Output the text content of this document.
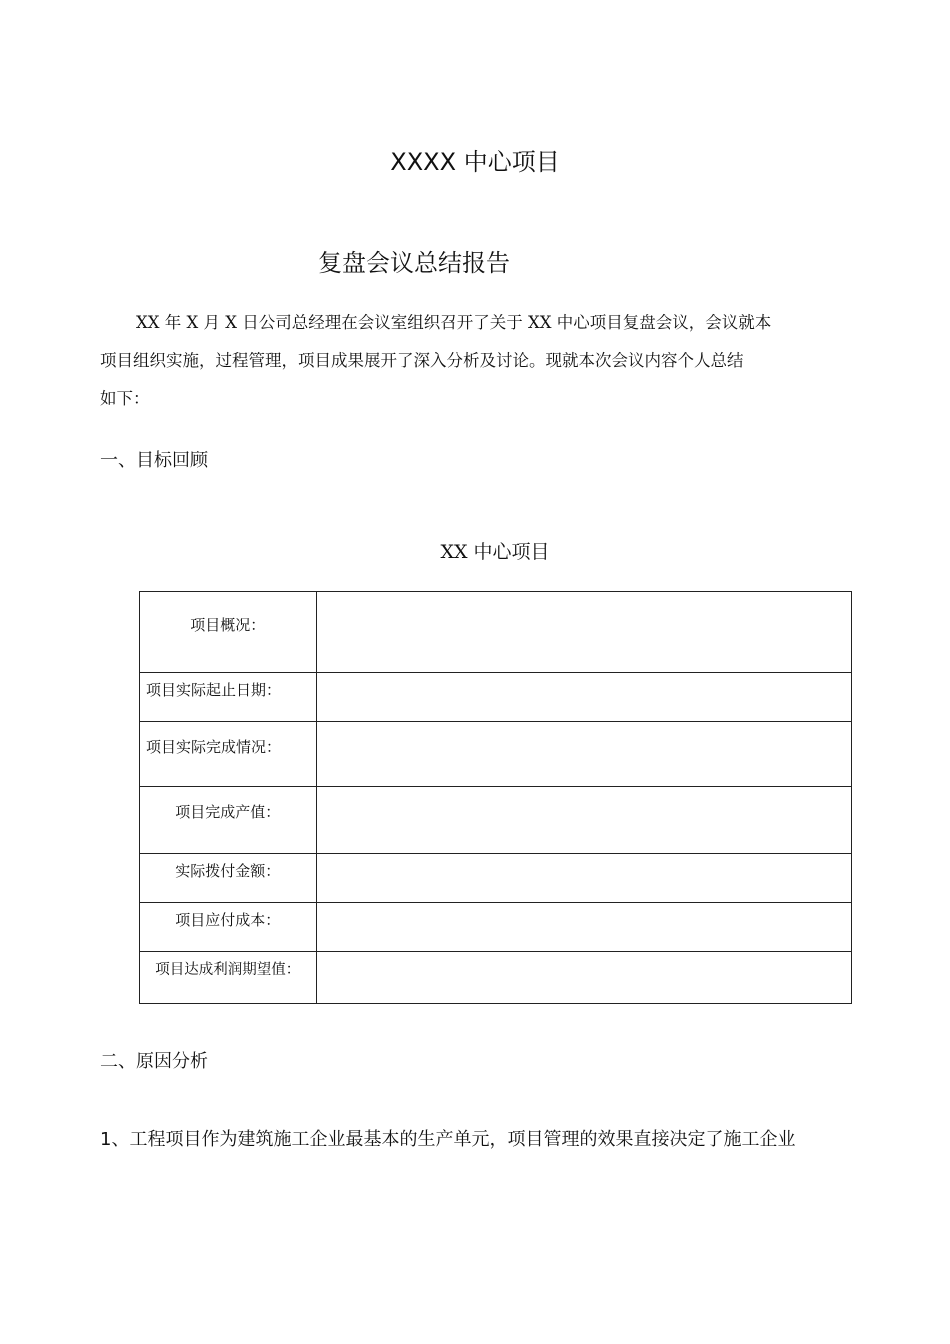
XXXX 中心项目
复盘会议总结报告
XX 年 X 月 X 日公司总经理在会议室组织召开了关于 XX 中心项目复盘会议，会议就本
项目组织实施，过程管理，项目成果展开了深入分析及讨论。现就本次会议内容个人总结
如下：
一、目标回顾
XX 中心项目
项目概况：	
项目实际起止日期：	
项目实际完成情况：	
项目完成产值：	
实际拨付金额：	
项目应付成本：	
项目达成利润期望值：	
二、原因分析
1、工程项目作为建筑施工企业最基本的生产单元，项目管理的效果直接决定了施工企业
